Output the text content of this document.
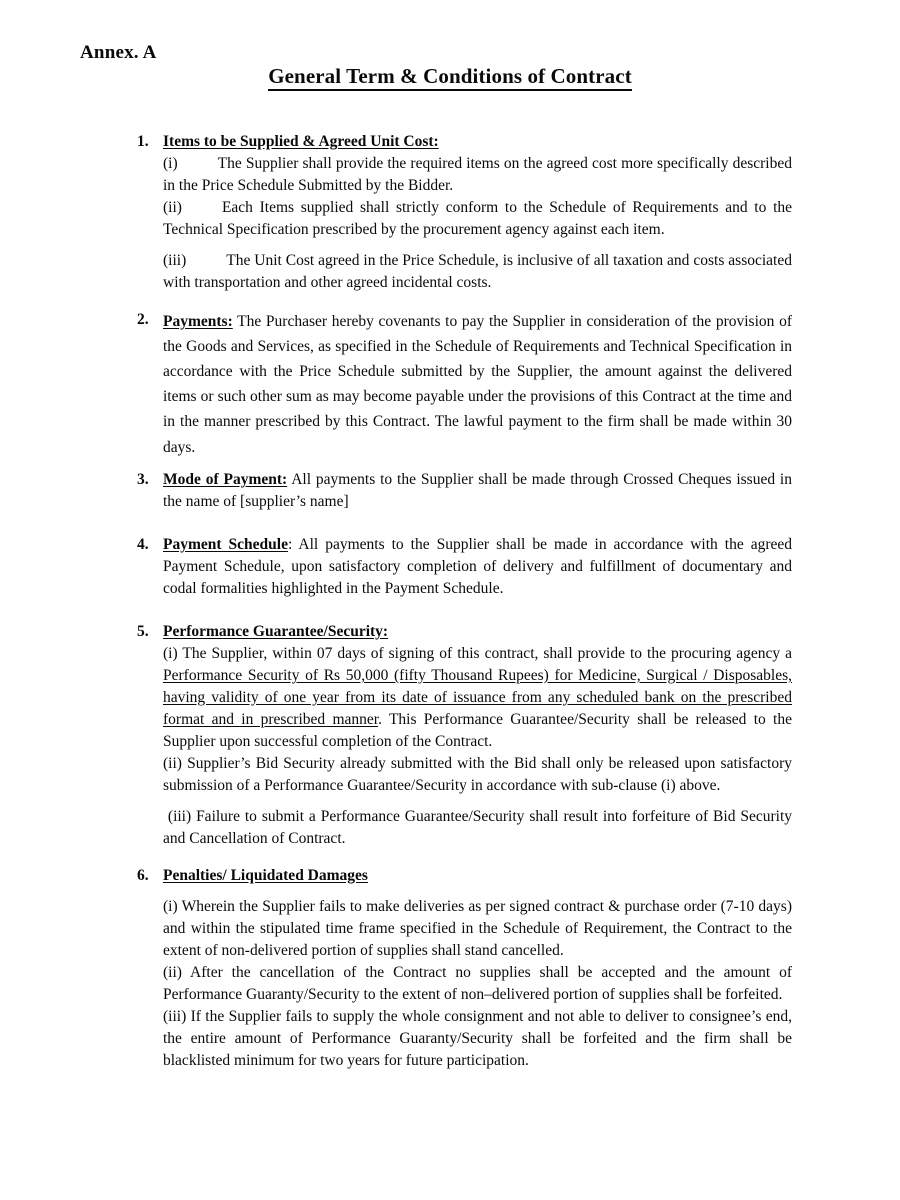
Annex. A
General Term & Conditions of Contract
1. Items to be Supplied & Agreed Unit Cost:

(i)	The Supplier shall provide the required items on the agreed cost more specifically described in the Price Schedule Submitted by the Bidder.

(ii)	Each Items supplied shall strictly conform to the Schedule of Requirements and to the Technical Specification prescribed by the procurement agency against each item.

(iii)	The Unit Cost agreed in the Price Schedule, is inclusive of all taxation and costs associated with transportation and other agreed incidental costs.

2. Payments: The Purchaser hereby covenants to pay the Supplier in consideration of the provision of the Goods and Services, as specified in the Schedule of Requirements and Technical Specification in accordance with the Price Schedule submitted by the Supplier, the amount against the delivered items or such other sum as may become payable under the provisions of this Contract at the time and in the manner prescribed by this Contract. The lawful payment to the firm shall be made within 30 days.

3. Mode of Payment: All payments to the Supplier shall be made through Crossed Cheques issued in the name of [supplier’s name]

4. Payment Schedule: All payments to the Supplier shall be made in accordance with the agreed Payment Schedule, upon satisfactory completion of delivery and fulfillment of documentary and codal formalities highlighted in the Payment Schedule.

5. Performance Guarantee/Security:

(i) The Supplier, within 07 days of signing of this contract, shall provide to the procuring agency a Performance Security of Rs 50,000 (fifty Thousand Rupees) for Medicine, Surgical / Disposables, having validity of one year from its date of issuance from any scheduled bank on the prescribed format and in prescribed manner. This Performance Guarantee/Security shall be released to the Supplier upon successful completion of the Contract.

(ii) Supplier’s Bid Security already submitted with the Bid shall only be released upon satisfactory submission of a Performance Guarantee/Security in accordance with sub-clause (i) above.

(iii) Failure to submit a Performance Guarantee/Security shall result into forfeiture of Bid Security and Cancellation of Contract.

6. Penalties/ Liquidated Damages

(i) Wherein the Supplier fails to make deliveries as per signed contract & purchase order (7-10 days) and within the stipulated time frame specified in the Schedule of Requirement, the Contract to the extent of non-delivered portion of supplies shall stand cancelled.

(ii) After the cancellation of the Contract no supplies shall be accepted and the amount of Performance Guaranty/Security to the extent of non–delivered portion of supplies shall be forfeited.

(iii) If the Supplier fails to supply the whole consignment and not able to deliver to consignee’s end, the entire amount of Performance Guaranty/Security shall be forfeited and the firm shall be blacklisted minimum for two years for future participation.
